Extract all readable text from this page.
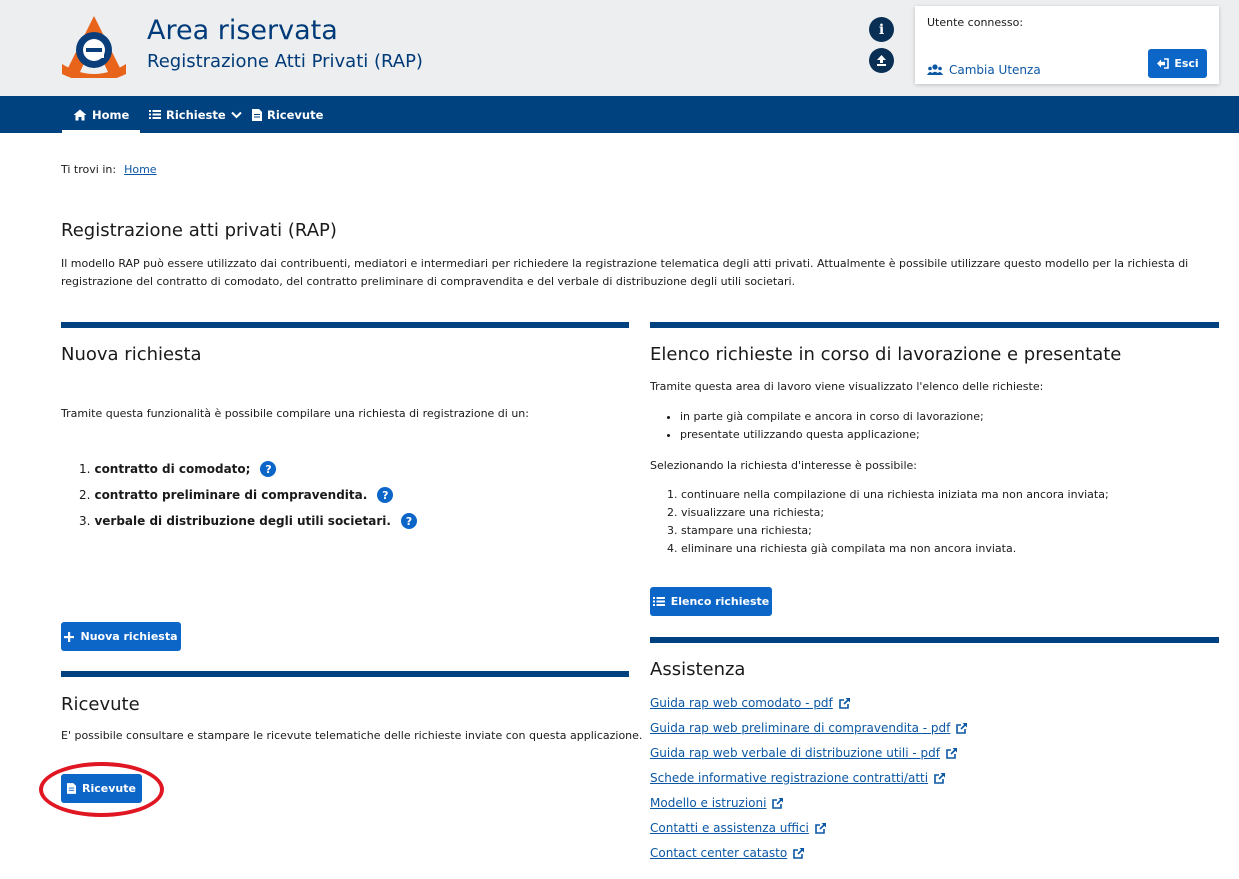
Area riservata
Registrazione Atti Privati (RAP)
i	Utente connesso:
Cambia Utenza	Esci
Home	Richieste	Ricevute
Ti trovi in: Home
Registrazione atti privati (RAP)

Il modello RAP può essere utilizzato dai contribuenti, mediatori e intermediari per richiedere la registrazione telematica degli atti privati. Attualmente è possibile utilizzare questo modello per la richiesta di registrazione del contratto di comodato, del contratto preliminare di compravendita e del verbale di distribuzione degli utili societari.

Nuova richiesta

Tramite questa funzionalità è possibile compilare una richiesta di registrazione di un:

1. contratto di comodato;	?
2. contratto preliminare di compravendita.	?
3. verbale di distribuzione degli utili societari.	?
Nuova richiesta
Ricevute

E' possibile consultare e stampare le ricevute telematiche delle richieste inviate con questa applicazione.

Ricevute
Elenco richieste in corso di lavorazione e presentate

Tramite questa area di lavoro viene visualizzato l'elenco delle richieste:

• in parte già compilate e ancora in corso di lavorazione;
• presentate utilizzando questa applicazione;

Selezionando la richiesta d'interesse è possibile:

1. continuare nella compilazione di una richiesta iniziata ma non ancora inviata;
2. visualizzare una richiesta;
3. stampare una richiesta;
4. eliminare una richiesta già compilata ma non ancora inviata.
Elenco richieste
Assistenza
Guida rap web comodato - pdf
Guida rap web preliminare di compravendita - pdf
Guida rap web verbale di distribuzione utili - pdf
Schede informative registrazione contratti/atti
Modello e istruzioni
Contatti e assistenza uffici
Contact center catasto
